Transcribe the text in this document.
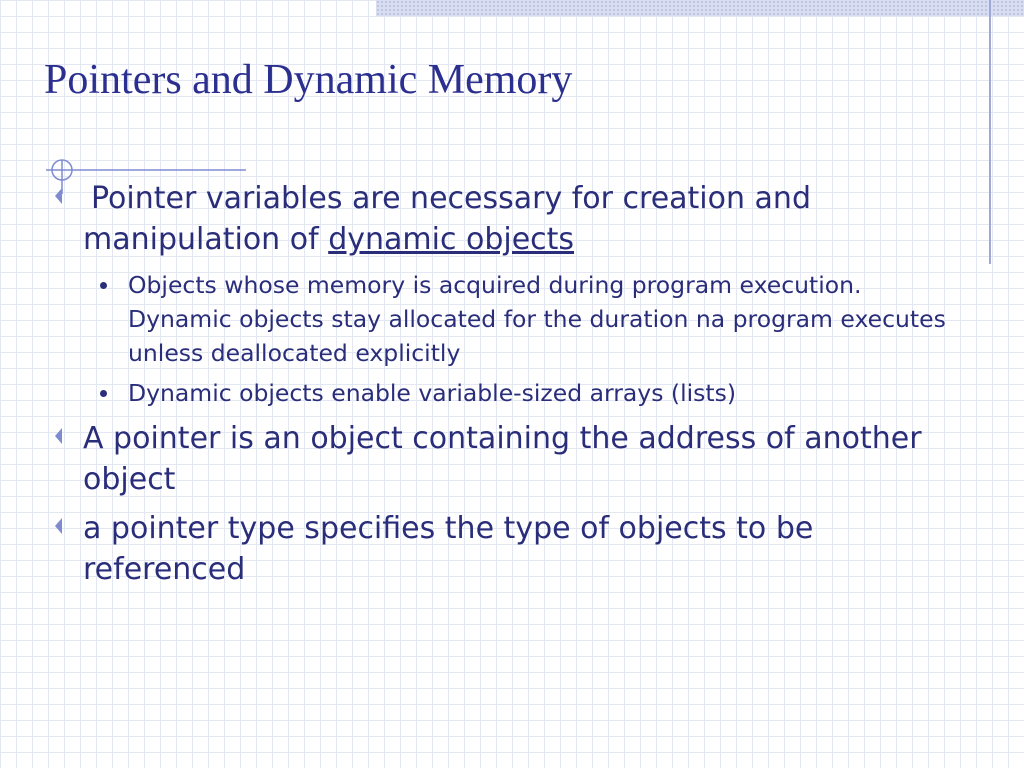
Pointers and Dynamic Memory
Pointer variables are necessary for creation and manipulation of dynamic objects
Objects whose memory is acquired during program execution. Dynamic objects stay allocated for the duration na program executes unless deallocated explicitly
Dynamic objects enable variable-sized arrays (lists)
A pointer is an object containing the address of another object
a pointer type specifies the type of objects to be referenced
